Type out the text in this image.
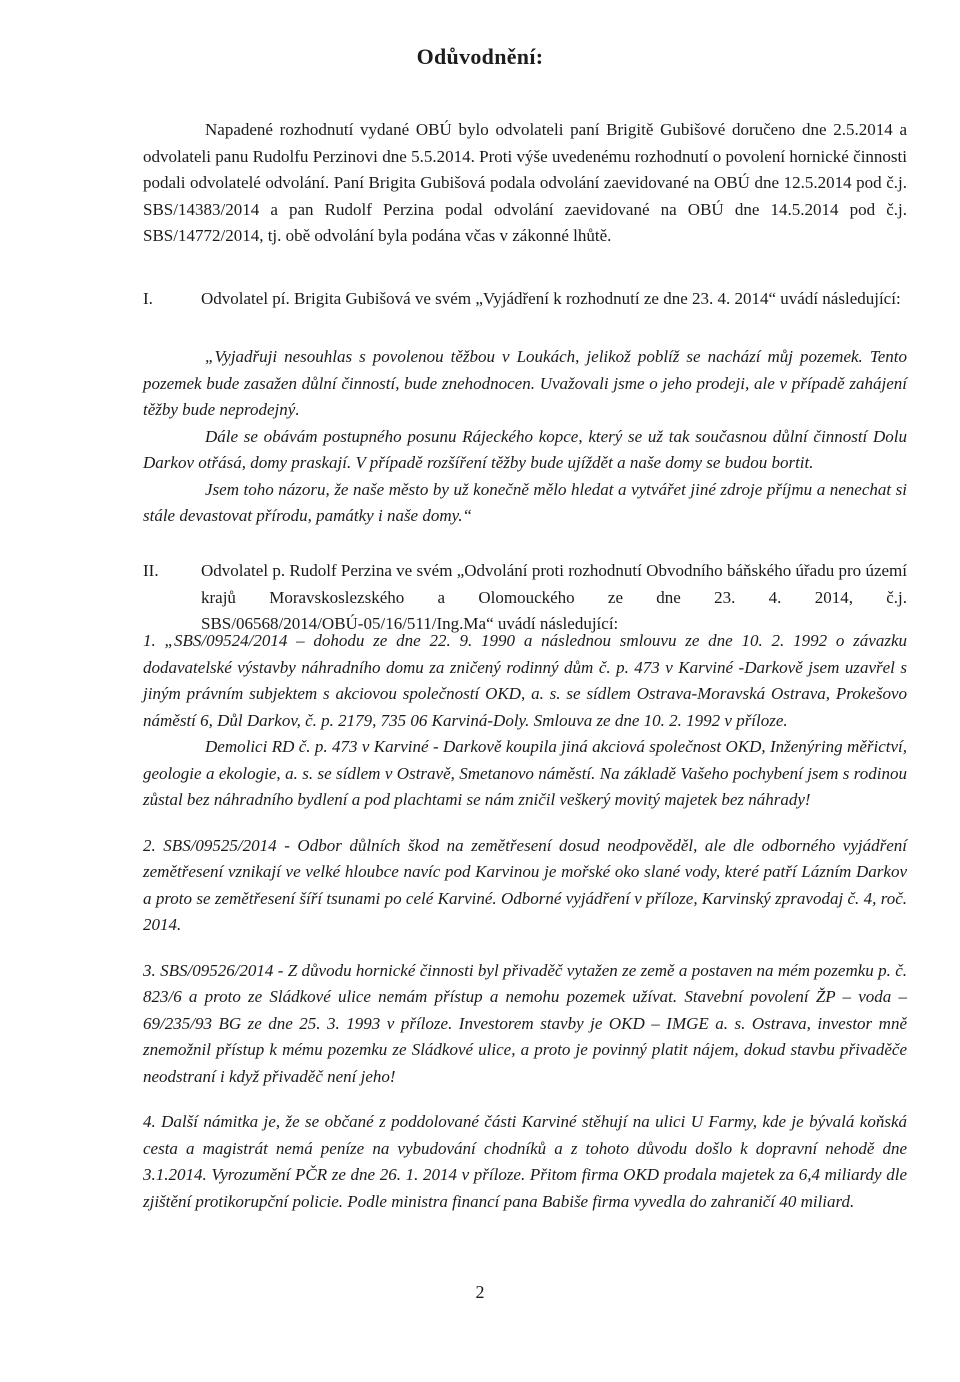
Odůvodnění:
Napadené rozhodnutí vydané OBÚ bylo odvolateli paní Brigitě Gubišové doručeno dne 2.5.2014 a odvolateli panu Rudolfu Perzinovi dne 5.5.2014. Proti výše uvedenému rozhodnutí o povolení hornické činnosti podali odvolatelé odvolání. Paní Brigita Gubišová podala odvolání zaevidované na OBÚ dne 12.5.2014 pod č.j. SBS/14383/2014 a pan Rudolf Perzina podal odvolání zaevidované na OBÚ dne 14.5.2014 pod č.j. SBS/14772/2014, tj. obě odvolání byla podána včas v zákonné lhůtě.
I.	Odvolatel pí. Brigita Gubišová ve svém „Vyjádření k rozhodnutí ze dne 23. 4. 2014“ uvádí následující:

„Vyjadřuji nesouhlas s povolenou těžbou v Loukách, jelikož poblíž se nachází můj pozemek. Tento pozemek bude zasažen důlní činností, bude znehodnocen. Uvažovali jsme o jeho prodeji, ale v případě zahájení těžby bude neprodejný.

Dále se obávám postupného posunu Rájeckého kopce, který se už tak současnou důlní činností Dolu Darkov otřásá, domy praskají. V případě rozšíření těžby bude ujíždět a naše domy se budou bortit.

Jsem toho názoru, že naše město by už konečně mělo hledat a vytvářet jiné zdroje příjmu a nenechat si stále devastovat přírodu, památky i naše domy.“

II. Odvolatel p. Rudolf Perzina ve svém „Odvolání proti rozhodnutí Obvodního báňského úřadu pro území krajů Moravskoslezského a Olomouckého ze dne 23. 4. 2014, č.j. SBS/06568/2014/OBÚ-05/16/511/Ing.Ma“ uvádí následující:

1. „SBS/09524/2014 – dohodu ze dne 22. 9. 1990 a následnou smlouvu ze dne 10. 2. 1992 o závazku dodavatelské výstavby náhradního domu za zničený rodinný dům č. p. 473 v Karviné -Darkově jsem uzavřel s jiným právním subjektem s akciovou společností OKD, a. s. se sídlem Ostrava-Moravská Ostrava, Prokešovo náměstí 6, Důl Darkov, č. p. 2179, 735 06 Karviná-Doly. Smlouva ze dne 10. 2. 1992 v příloze.

Demolici RD č. p. 473 v Karviné - Darkově koupila jiná akciová společnost OKD, Inženýring měřictví, geologie a ekologie, a. s. se sídlem v Ostravě, Smetanovo náměstí. Na základě Vašeho pochybení jsem s rodinou zůstal bez náhradního bydlení a pod plachtami se nám zničil veškerý movitý majetek bez náhrady!

2. SBS/09525/2014 - Odbor důlních škod na zemětřesení dosud neodpověděl, ale dle odborného vyjádření zemětřesení vznikají ve velké hloubce navíc pod Karvinou je mořské oko slané vody, které patří Lázním Darkov a proto se zemětřesení šíří tsunami po celé Karviné. Odborné vyjádření v příloze, Karvinský zpravodaj č. 4, roč. 2014.

3. SBS/09526/2014 - Z důvodu hornické činnosti byl přivaděč vytažen ze země a postaven na mém pozemku p. č. 823/6 a proto ze Sládkové ulice nemám přístup a nemohu pozemek užívat. Stavební povolení ŽP – voda – 69/235/93 BG ze dne 25. 3. 1993 v příloze. Investorem stavby je OKD – IMGE a. s. Ostrava, investor mně znemožnil přístup k mému pozemku ze Sládkové ulice, a proto je povinný platit nájem, dokud stavbu přivaděče neodstraní i když přivaděč není jeho!

4. Další námitka je, že se občané z poddolované části Karviné stěhují na ulici U Farmy, kde je bývalá koňská cesta a magistrát nemá peníze na vybudování chodníků a z tohoto důvodu došlo k dopravní nehodě dne 3.1.2014. Vyrozumění PČR ze dne 26. 1. 2014 v příloze. Přitom firma OKD prodala majetek za 6,4 miliardy dle zjištění protikorupční policie. Podle ministra financí pana Babiše firma vyvedla do zahraničí 40 miliard.

2
